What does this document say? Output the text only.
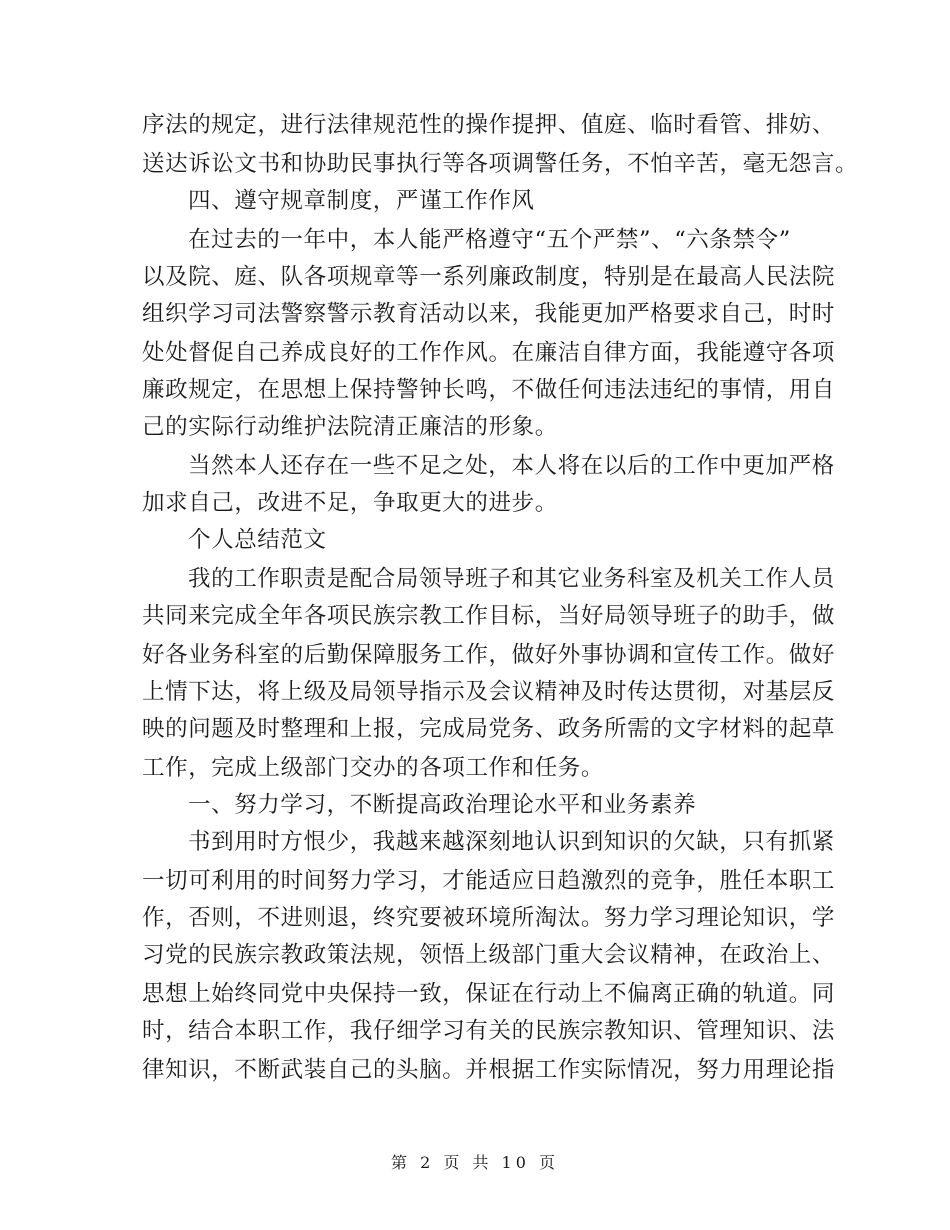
序法的规定，进行法律规范性的操作提押、值庭、临时看管、排妨、
送达诉讼文书和协助民事执行等各项调警任务，不怕辛苦，毫无怨言。
四、遵守规章制度，严谨工作作风
在过去的一年中，本人能严格遵守“五个严禁”、“六条禁令”
以及院、庭、队各项规章等一系列廉政制度，特别是在最高人民法院
组织学习司法警察警示教育活动以来，我能更加严格要求自己，时时
处处督促自己养成良好的工作作风。在廉洁自律方面，我能遵守各项
廉政规定，在思想上保持警钟长鸣，不做任何违法违纪的事情，用自
己的实际行动维护法院清正廉洁的形象。
当然本人还存在一些不足之处，本人将在以后的工作中更加严格
加求自己，改进不足，争取更大的进步。
个人总结范文
我的工作职责是配合局领导班子和其它业务科室及机关工作人员
共同来完成全年各项民族宗教工作目标，当好局领导班子的助手，做
好各业务科室的后勤保障服务工作，做好外事协调和宣传工作。做好
上情下达，将上级及局领导指示及会议精神及时传达贯彻，对基层反
映的问题及时整理和上报，完成局党务、政务所需的文字材料的起草
工作，完成上级部门交办的各项工作和任务。
一、努力学习，不断提高政治理论水平和业务素养
书到用时方恨少，我越来越深刻地认识到知识的欠缺，只有抓紧
一切可利用的时间努力学习，才能适应日趋激烈的竞争，胜任本职工
作，否则，不进则退，终究要被环境所淘汰。努力学习理论知识，学
习党的民族宗教政策法规，领悟上级部门重大会议精神，在政治上、
思想上始终同党中央保持一致，保证在行动上不偏离正确的轨道。同
时，结合本职工作，我仔细学习有关的民族宗教知识、管理知识、法
律知识，不断武装自己的头脑。并根据工作实际情况，努力用理论指
第 2 页 共 10 页
